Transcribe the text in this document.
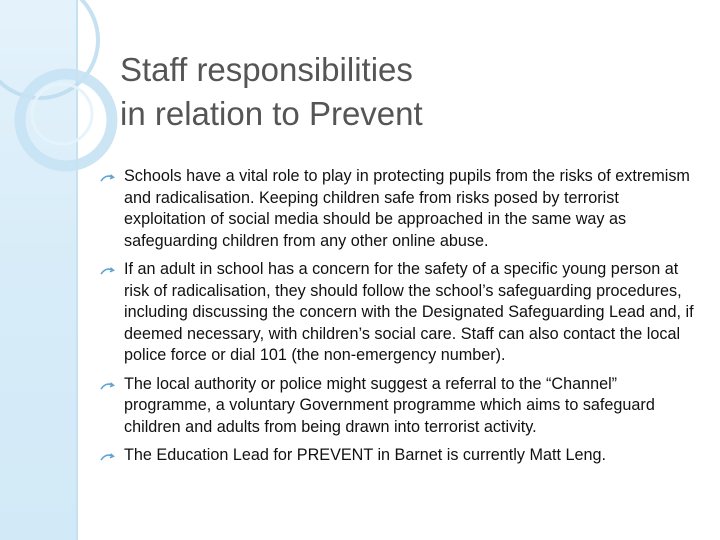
Staff responsibilities
in relation to Prevent
Schools have a vital role to play in protecting pupils from the risks of extremism and radicalisation. Keeping children safe from risks posed by terrorist exploitation of social media should be approached in the same way as safeguarding children from any other online abuse.
If an adult in school has a concern for the safety of a specific young person at risk of radicalisation, they should follow the school’s safeguarding procedures, including discussing the concern with the Designated Safeguarding Lead and, if deemed necessary, with children’s social care. Staff can also contact the local police force or dial 101 (the non-emergency number).
The local authority or police might suggest a referral to the “Channel” programme, a voluntary Government programme which aims to safeguard children and adults from being drawn into terrorist activity.
The Education Lead for PREVENT in Barnet is currently Matt Leng.
